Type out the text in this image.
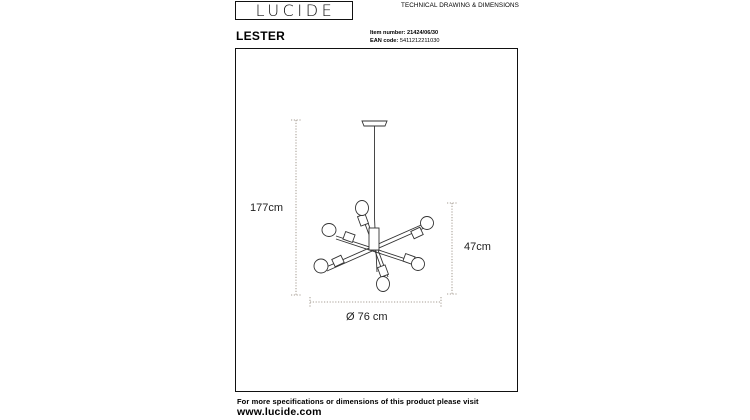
LUCIDE	TECHNICAL DRAWING & DIMENSIONS
LESTER	Item number: 21424/06/30
EAN code: 5411212211030
177cm
47cm
Ø 76 cm
For more specifications or dimensions of this product please visit
www.lucide.com
